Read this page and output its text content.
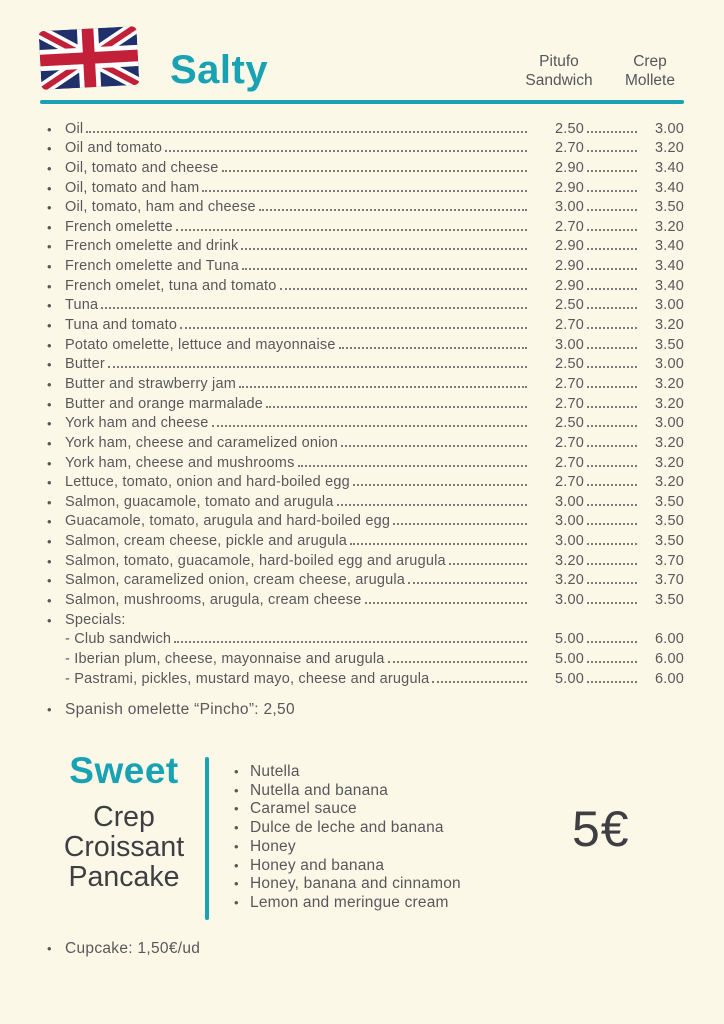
Salty	Pitufo
Sandwich
Crep
Mollete
• Oil	2.50	3.00
• Oil and tomato	2.70	3.20
• Oil, tomato and cheese	2.90	3.40
• Oil, tomato and ham	2.90	3.40
• Oil, tomato, ham and cheese	3.00	3.50
• French omelette	2.70	3.20
• French omelette and drink	2.90	3.40
• French omelette and Tuna	2.90	3.40
• French omelet, tuna and tomato	2.90	3.40
• Tuna	2.50	3.00
• Tuna and tomato	2.70	3.20
• Potato omelette, lettuce and mayonnaise	3.00	3.50
• Butter	2.50	3.00
• Butter and strawberry jam	2.70	3.20
• Butter and orange marmalade	2.70	3.20
• York ham and cheese	2.50	3.00
• York ham, cheese and caramelized onion	2.70	3.20
• York ham, cheese and mushrooms	2.70	3.20
• Lettuce, tomato, onion and hard-boiled egg	2.70	3.20
• Salmon, guacamole, tomato and arugula	3.00	3.50
• Guacamole, tomato, arugula and hard-boiled egg	3.00	3.50
• Salmon, cream cheese, pickle and arugula	3.00	3.50
• Salmon, tomato, guacamole, hard-boiled egg and arugula	3.20	3.70
• Salmon, caramelized onion, cream cheese, arugula	3.20	3.70
• Salmon, mushrooms, arugula, cream cheese	3.00	3.50
• Specials:
- Club sandwich	5.00	6.00
- Iberian plum, cheese, mayonnaise and arugula	5.00	6.00
- Pastrami, pickles, mustard mayo, cheese and arugula	5.00	6.00
• Spanish omelette “Pincho”: 2,50
Sweet
Crep
Croissant
Pancake
• Nutella
• Nutella and banana
• Caramel sauce
• Dulce de leche and banana
• Honey
• Honey and banana
• Honey, banana and cinnamon
• Lemon and meringue cream
5€
• Cupcake: 1,50€/ud
